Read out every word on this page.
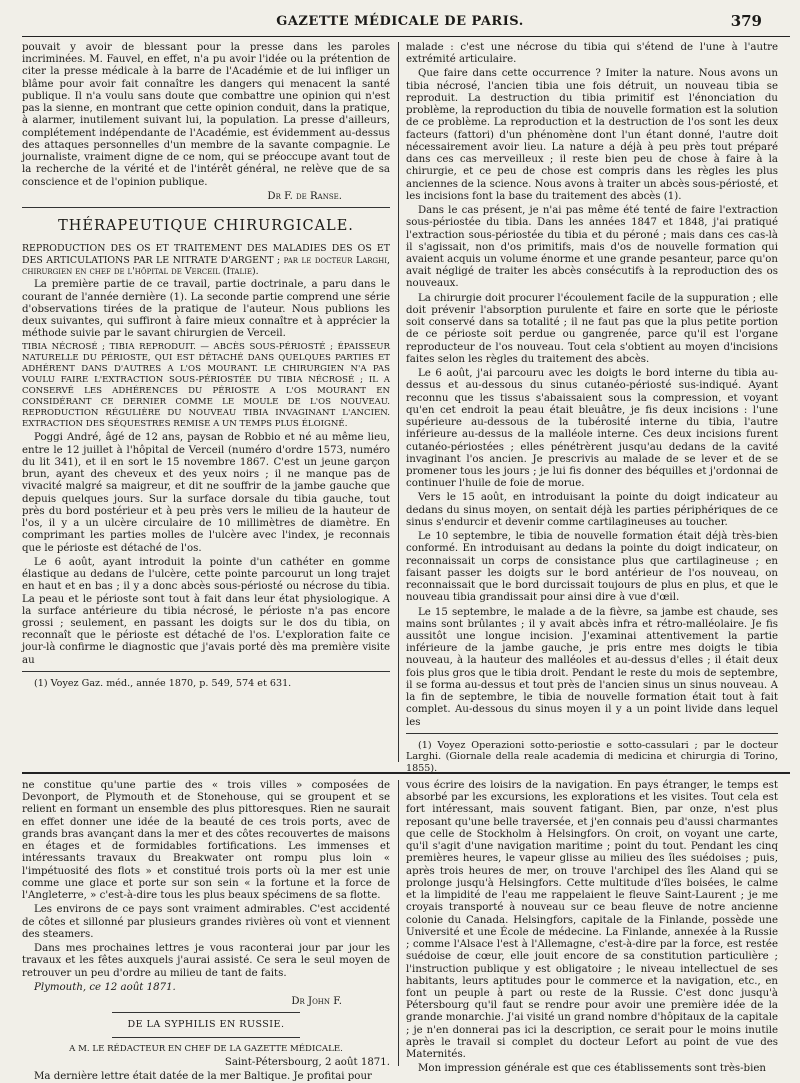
GAZETTE MÉDICALE DE PARIS.	379

pouvait y avoir de blessant pour la presse dans les paroles incriminées. M. Fauvel, en effet, n'a pu avoir l'idée ou la prétention de citer la presse médicale à la barre de l'Académie et de lui infliger un blâme pour avoir fait connaître les dangers qui menacent la santé publique. Il n'a voulu sans doute que combattre une opinion qui n'est pas la sienne, en montrant que cette opinion conduit, dans la pratique, à alarmer, inutilement suivant lui, la population. La presse d'ailleurs, complétement indépendante de l'Académie, est évidemment au-dessus des attaques personnelles d'un membre de la savante compagnie. Le journaliste, vraiment digne de ce nom, qui se préoccupe avant tout de la recherche de la vérité et de l'intérêt général, ne relève que de sa conscience et de l'opinion publique.

Dr F. de Ranse.

THÉRAPEUTIQUE CHIRURGICALE.

REPRODUCTION DES OS ET TRAITEMENT DES MALADIES DES OS ET DES ARTICULATIONS PAR LE NITRATE D'ARGENT ; par le docteur Larghi, chirurgien en chef de l'hôpital de Verceil (Italie).

La première partie de ce travail, partie doctrinale, a paru dans le courant de l'année dernière (1). La seconde partie comprend une série d'observations tirées de la pratique de l'auteur. Nous publions les deux suivantes, qui suffiront à faire mieux connaître et à apprécier la méthode suivie par le savant chirurgien de Verceil.

TIBIA NÉCROSÉ ; TIBIA REPRODUIT. — ABCÈS SOUS-PÉRIOSTÉ ; ÉPAISSEUR NATURELLE DU PÉRIOSTE, QUI EST DÉTACHÉ DANS QUELQUES PARTIES ET ADHÉRENT DANS D'AUTRES A L'OS MOURANT. LE CHIRURGIEN N'A PAS VOULU FAIRE L'EXTRACTION SOUS-PÉRIOSTÉE DU TIBIA NÉCROSÉ ; IL A CONSERVÉ LES ADHÉRENCES DU PÉRIOSTE A L'OS MOURANT EN CONSIDÉRANT CE DERNIER COMME LE MOULE DE L'OS NOUVEAU. REPRODUCTION RÉGULIÈRE DU NOUVEAU TIBIA INVAGINANT L'ANCIEN. EXTRACTION DES SÉQUESTRES REMISE A UN TEMPS PLUS ÉLOIGNÉ.

Poggi André, âgé de 12 ans, paysan de Robbio et né au même lieu, entre le 12 juillet à l'hôpital de Verceil (numéro d'ordre 1573, numéro du lit 341), et il en sort le 15 novembre 1867. C'est un jeune garçon brun, ayant des cheveux et des yeux noirs ; il ne manque pas de vivacité malgré sa maigreur, et dit ne souffrir de la jambe gauche que depuis quelques jours. Sur la surface dorsale du tibia gauche, tout près du bord postérieur et à peu près vers le milieu de la hauteur de l'os, il y a un ulcère circulaire de 10 millimètres de diamètre. En comprimant les parties molles de l'ulcère avec l'index, je reconnais que le périoste est détaché de l'os.

Le 6 août, ayant introduit la pointe d'un cathéter en gomme élastique au dedans de l'ulcère, cette pointe parcourut un long trajet en haut et en bas ; il y a donc abcès sous-périosté ou nécrose du tibia. La peau et le périoste sont tout à fait dans leur état physiologique. A la surface antérieure du tibia nécrosé, le périoste n'a pas encore grossi ; seulement, en passant les doigts sur le dos du tibia, on reconnaît que le périoste est détaché de l'os. L'exploration faite ce jour-là confirme le diagnostic que j'avais porté dès ma première visite au

(1) Voyez Gaz. méd., année 1870, p. 549, 574 et 631.

malade : c'est une nécrose du tibia qui s'étend de l'une à l'autre extrémité articulaire.

Que faire dans cette occurrence ? Imiter la nature. Nous avons un tibia nécrosé, l'ancien tibia une fois détruit, un nouveau tibia se reproduit. La destruction du tibia primitif est l'énonciation du problème, la reproduction du tibia de nouvelle formation est la solution de ce problème. La reproduction et la destruction de l'os sont les deux facteurs (fattori) d'un phénomène dont l'un étant donné, l'autre doit nécessairement avoir lieu. La nature a déjà à peu près tout préparé dans ces cas merveilleux ; il reste bien peu de chose à faire à la chirurgie, et ce peu de chose est compris dans les règles les plus anciennes de la science. Nous avons à traiter un abcès sous-périosté, et les incisions font la base du traitement des abcès (1).

Dans le cas présent, je n'ai pas même été tenté de faire l'extraction sous-périostée du tibia. Dans les années 1847 et 1848, j'ai pratiqué l'extraction sous-périostée du tibia et du péroné ; mais dans ces cas-là il s'agissait, non d'os primitifs, mais d'os de nouvelle formation qui avaient acquis un volume énorme et une grande pesanteur, parce qu'on avait négligé de traiter les abcès consécutifs à la reproduction des os nouveaux.

La chirurgie doit procurer l'écoulement facile de la suppuration ; elle doit prévenir l'absorption purulente et faire en sorte que le périoste soit conservé dans sa totalité ; il ne faut pas que la plus petite portion de ce périoste soit perdue ou gangrenée, parce qu'il est l'organe reproducteur de l'os nouveau. Tout cela s'obtient au moyen d'incisions faites selon les règles du traitement des abcès.

Le 6 août, j'ai parcouru avec les doigts le bord interne du tibia au-dessus et au-dessous du sinus cutanéo-périosté sus-indiqué. Ayant reconnu que les tissus s'abaissaient sous la compression, et voyant qu'en cet endroit la peau était bleuâtre, je fis deux incisions : l'une supérieure au-dessous de la tubérosité interne du tibia, l'autre inférieure au-dessus de la malléole interne. Ces deux incisions furent cutanéo-périostées ; elles pénétrèrent jusqu'au dedans de la cavité invaginant l'os ancien. Je prescrivis au malade de se lever et de se promener tous les jours ; je lui fis donner des béquilles et j'ordonnai de continuer l'huile de foie de morue.

Vers le 15 août, en introduisant la pointe du doigt indicateur au dedans du sinus moyen, on sentait déjà les parties périphériques de ce sinus s'endurcir et devenir comme cartilagineuses au toucher.

Le 10 septembre, le tibia de nouvelle formation était déjà très-bien conformé. En introduisant au dedans la pointe du doigt indicateur, on reconnaissait un corps de consistance plus que cartilagineuse ; en faisant passer les doigts sur le bord antérieur de l'os nouveau, on reconnaissait que le bord durcissait toujours de plus en plus, et que le nouveau tibia grandissait pour ainsi dire à vue d'œil.

Le 15 septembre, le malade a de la fièvre, sa jambe est chaude, ses mains sont brûlantes ; il y avait abcès infra et rétro-malléolaire. Je fis aussitôt une longue incision. J'examinai attentivement la partie inférieure de la jambe gauche, je pris entre mes doigts le tibia nouveau, à la hauteur des malléoles et au-dessus d'elles ; il était deux fois plus gros que le tibia droit. Pendant le reste du mois de septembre, il se forma au-dessus et tout près de l'ancien sinus un sinus nouveau. A la fin de septembre, le tibia de nouvelle formation était tout à fait complet. Au-dessous du sinus moyen il y a un point livide dans lequel les

(1) Voyez Operazioni sotto-periostie e sotto-cassulari ; par le docteur Larghi. (Giornale della reale academia di medicina et chirurgia di Torino, 1855).

ne constitue qu'une partie des « trois villes » composées de Devonport, de Plymouth et de Stonehouse, qui se groupent et se relient en formant un ensemble des plus pittoresques. Rien ne saurait en effet donner une idée de la beauté de ces trois ports, avec de grands bras avançant dans la mer et des côtes recouvertes de maisons en étages et de formidables fortifications. Les immenses et intéressants travaux du Breakwater ont rompu plus loin « l'impétuosité des flots » et constitué trois ports où la mer est unie comme une glace et porte sur son sein « la fortune et la force de l'Angleterre, » c'est-à-dire tous les plus beaux spécimens de sa flotte.

Les environs de ce pays sont vraiment admirables. C'est accidenté de côtes et sillonné par plusieurs grandes rivières où vont et viennent des steamers.

Dans mes prochaines lettres je vous raconterai jour par jour les travaux et les fêtes auxquels j'aurai assisté. Ce sera le seul moyen de retrouver un peu d'ordre au milieu de tant de faits.

Plymouth, ce 12 août 1871.

Dr John F.

DE LA SYPHILIS EN RUSSIE.

A M. LE RÉDACTEUR EN CHEF DE LA GAZETTE MÉDICALE.

Saint-Pétersbourg, 2 août 1871.

Ma dernière lettre était datée de la mer Baltique. Je profitai pour

vous écrire des loisirs de la navigation. En pays étranger, le temps est absorbé par les excursions, les explorations et les visites. Tout cela est fort intéressant, mais souvent fatigant. Bien, par onze, n'est plus reposant qu'une belle traversée, et j'en connais peu d'aussi charmantes que celle de Stockholm à Helsingfors. On croit, on voyant une carte, qu'il s'agit d'une navigation maritime ; point du tout. Pendant les cinq premières heures, le vapeur glisse au milieu des îles suédoises ; puis, après trois heures de mer, on trouve l'archipel des îles Aland qui se prolonge jusqu'à Helsingfors. Cette multitude d'îles boisées, le calme et la limpidité de l'eau me rappelaient le fleuve Saint-Laurent ; je me croyais transporté à nouveau sur ce beau fleuve de notre ancienne colonie du Canada. Helsingfors, capitale de la Finlande, possède une Université et une École de médecine. La Finlande, annexée à la Russie ; comme l'Alsace l'est à l'Allemagne, c'est-à-dire par la force, est restée suédoise de cœur, elle jouit encore de sa constitution particulière ; l'instruction publique y est obligatoire ; le niveau intellectuel de ses habitants, leurs aptitudes pour le commerce et la navigation, etc., en font un peuple à part ou reste de la Russie. C'est donc jusqu'à Pétersbourg qu'il faut se rendre pour avoir une première idée de la grande monarchie. J'ai visité un grand nombre d'hôpitaux de la capitale ; je n'en donnerai pas ici la description, ce serait pour le moins inutile après le travail si complet du docteur Lefort au point de vue des Maternités.

Mon impression générale est que ces établissements sont très-bien
